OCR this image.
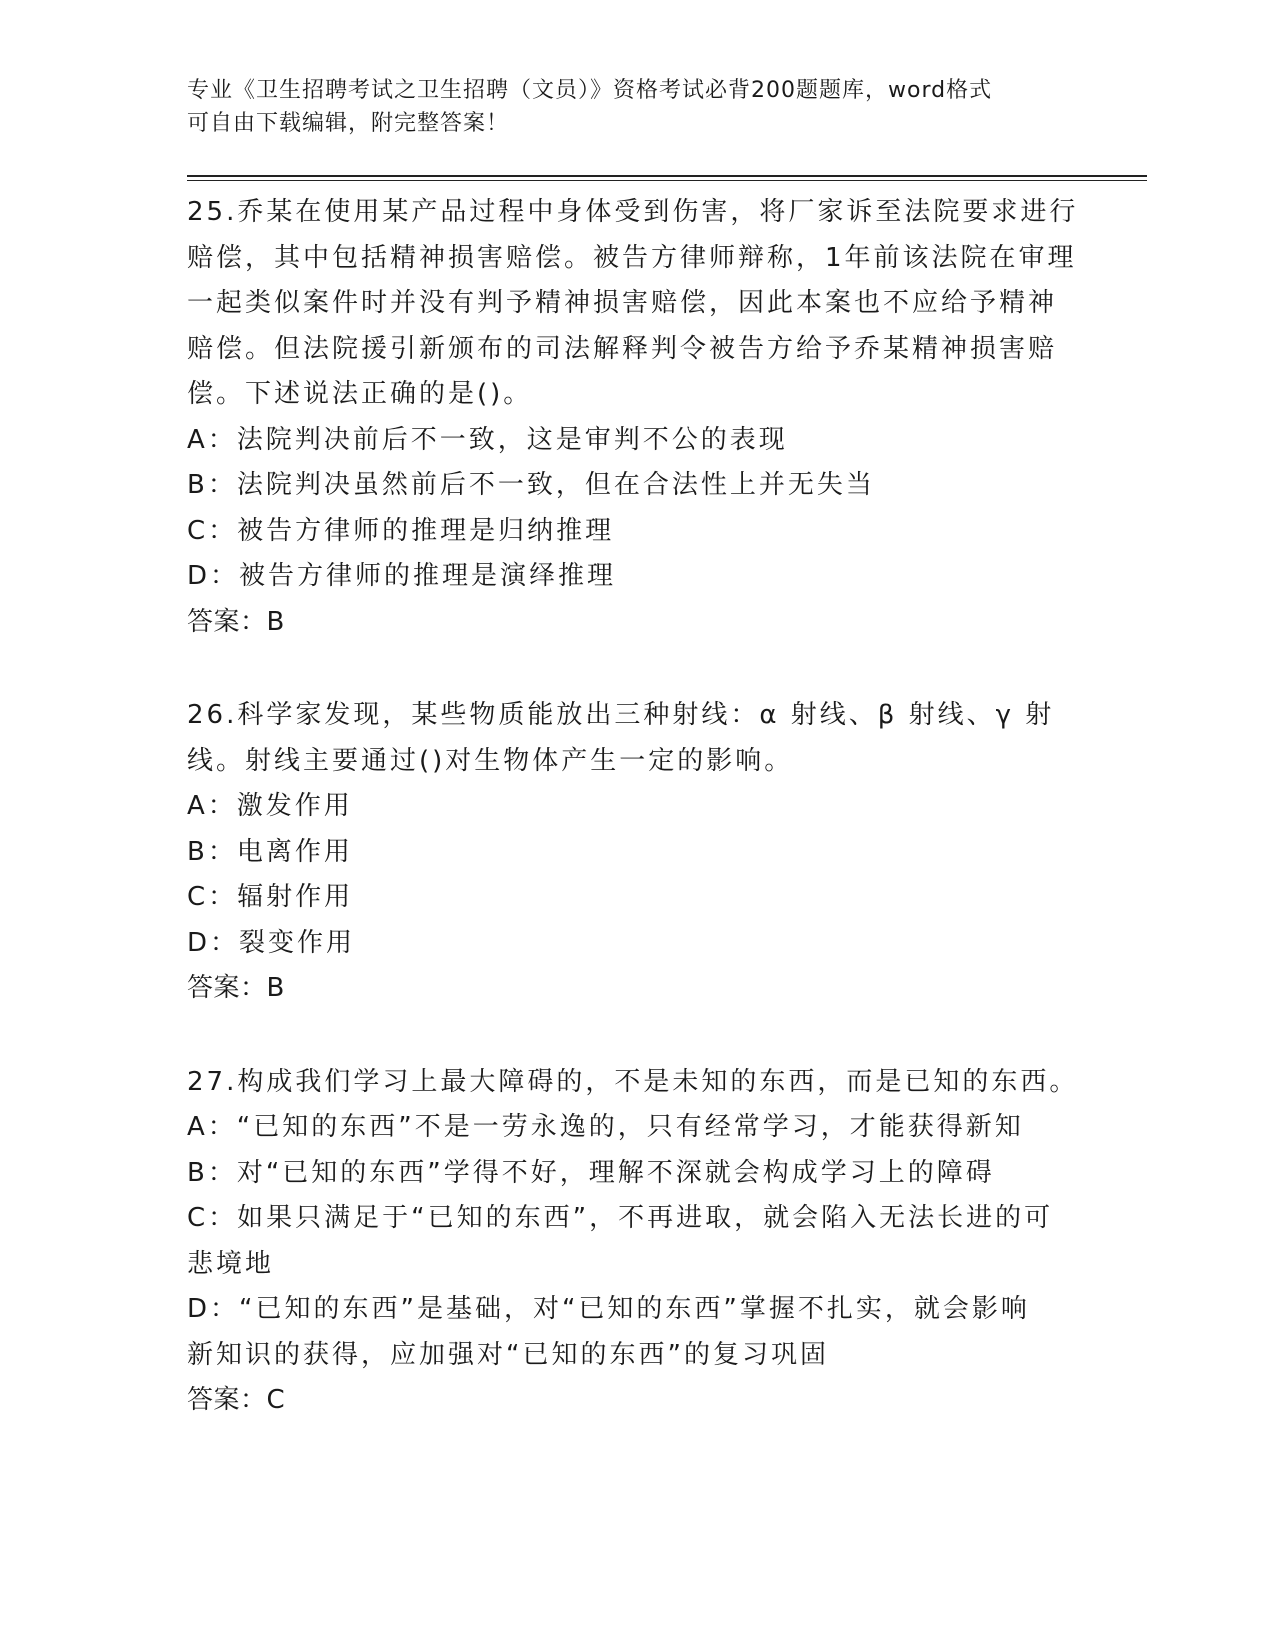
专业《卫生招聘考试之卫生招聘（文员）》资格考试必背200题题库，word格式
可自由下载编辑，附完整答案！
25.乔某在使用某产品过程中身体受到伤害，将厂家诉至法院要求进行
赔偿，其中包括精神损害赔偿。被告方律师辩称，1年前该法院在审理
一起类似案件时并没有判予精神损害赔偿，因此本案也不应给予精神
赔偿。但法院援引新颁布的司法解释判令被告方给予乔某精神损害赔
偿。下述说法正确的是()。
A：法院判决前后不一致，这是审判不公的表现
B：法院判决虽然前后不一致，但在合法性上并无失当
C：被告方律师的推理是归纳推理
D：被告方律师的推理是演绎推理
答案：B
26.科学家发现，某些物质能放出三种射线：α 射线、β 射线、γ 射
线。射线主要通过()对生物体产生一定的影响。
A：激发作用
B：电离作用
C：辐射作用
D：裂变作用
答案：B
27.构成我们学习上最大障碍的，不是未知的东西，而是已知的东西。
A：“已知的东西”不是一劳永逸的，只有经常学习，才能获得新知
B：对“已知的东西”学得不好，理解不深就会构成学习上的障碍
C：如果只满足于“已知的东西”，不再进取，就会陷入无法长进的可
悲境地
D：“已知的东西”是基础，对“已知的东西”掌握不扎实，就会影响
新知识的获得，应加强对“已知的东西”的复习巩固
答案：C
